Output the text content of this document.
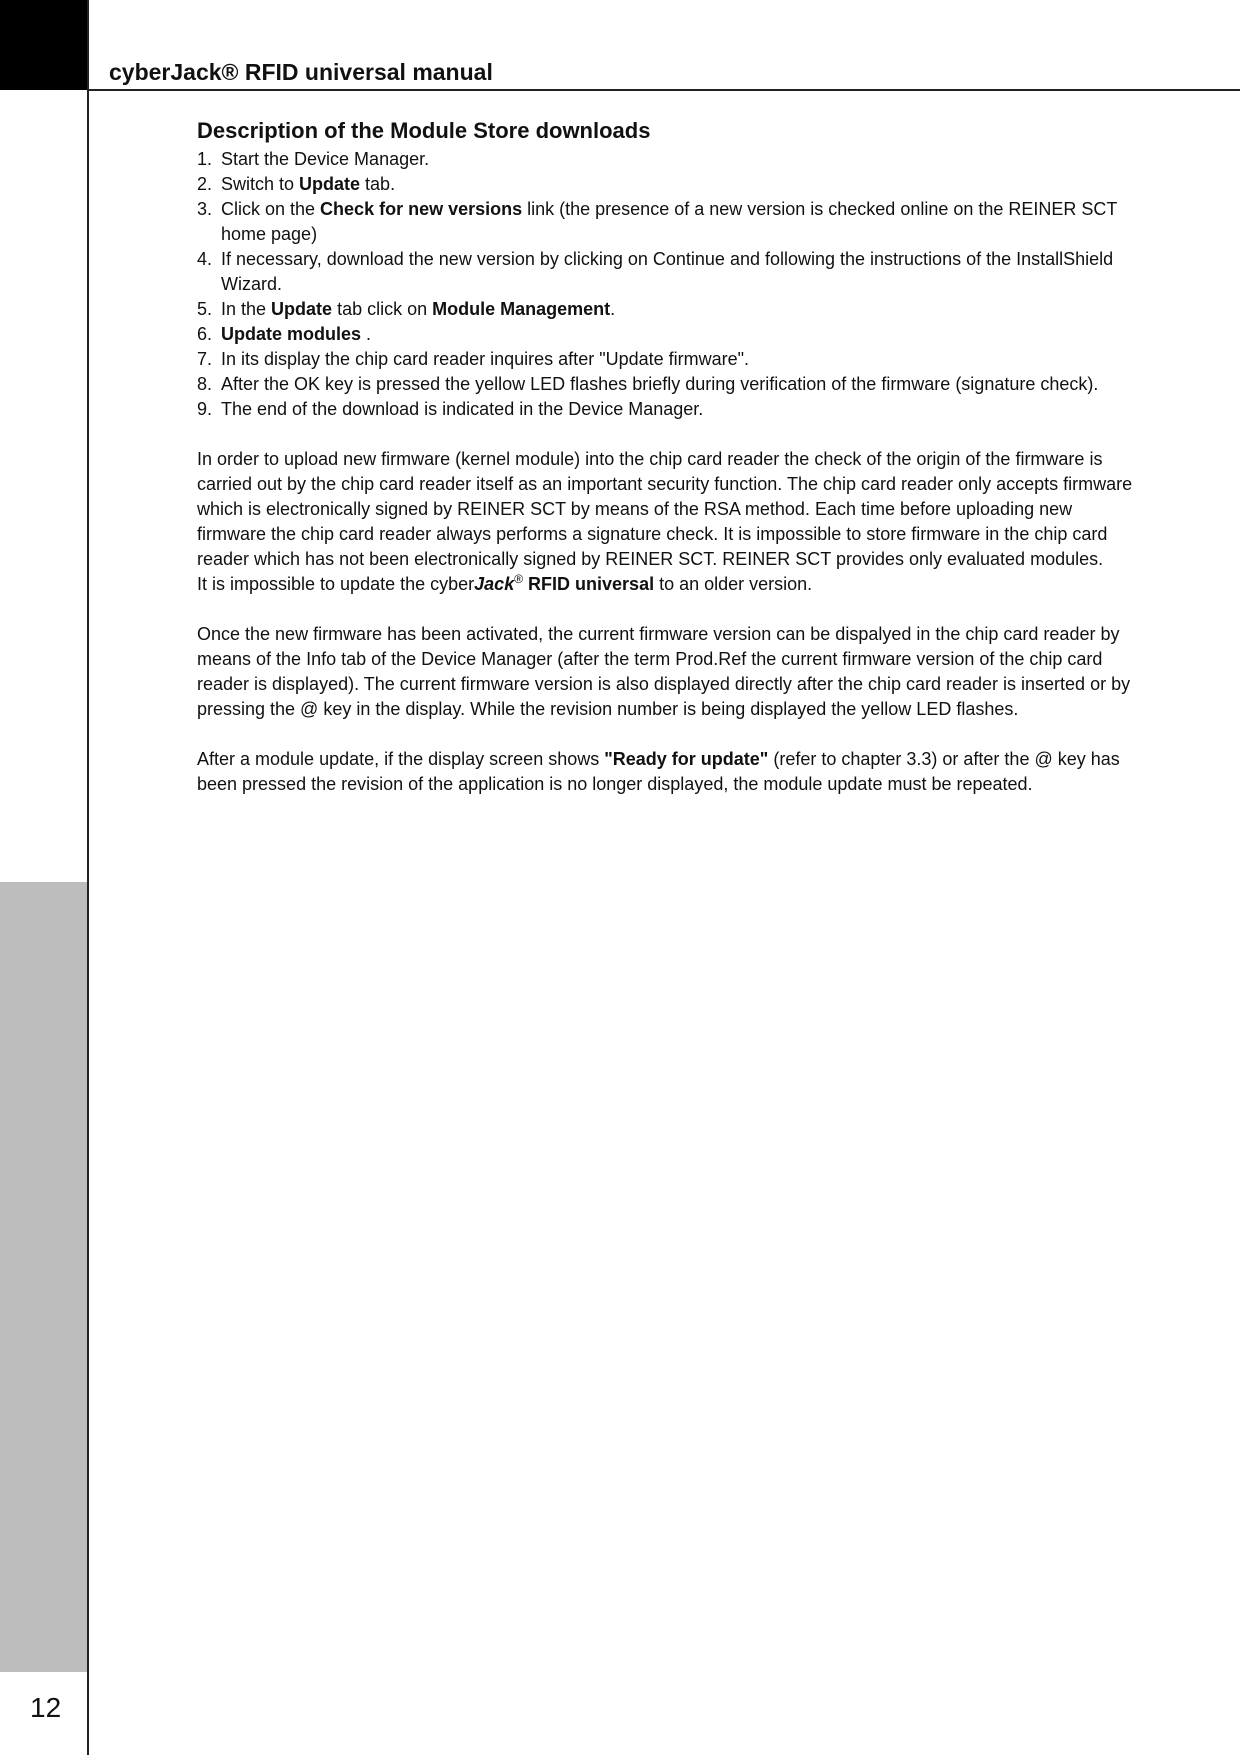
cyberJack® RFID universal manual
12
Description of the Module Store downloads
1. Start the Device Manager.
2. Switch to Update tab.
3. Click on the Check for new versions link (the presence of a new version is checked online on the REINER SCT home page)
4. If necessary, download the new version by clicking on Continue and following the instructions of the InstallShield Wizard.
5. In the Update tab click on Module Management.
6. Update modules .
7. In its display the chip card reader inquires after "Update firmware".
8. After the OK key is pressed the yellow LED flashes briefly during verification of the firmware (signature check).
9. The end of the download is indicated in the Device Manager.

In order to upload new firmware (kernel module) into the chip card reader the check of the origin of the firmware is carried out by the chip card reader itself as an important security function. The chip card reader only accepts firmware which is electronically signed by REINER SCT by means of the RSA method. Each time before uploading new firmware the chip card reader always performs a signature check. It is impossible to store firmware in the chip card reader which has not been electronically signed by REINER SCT. REINER SCT provides only evaluated modules.

It is impossible to update the cyberJack® RFID universal to an older version.

Once the new firmware has been activated, the current firmware version can be dispalyed in the chip card reader by means of the Info tab of the Device Manager (after the term Prod.Ref the current firmware version of the chip card reader is displayed). The current firmware version is also displayed directly after the chip card reader is inserted or by pressing the @ key in the display. While the revision number is being displayed the yellow LED flashes.

After a module update, if the display screen shows "Ready for update" (refer to chapter 3.3) or after the @ key has been pressed the revision of the application is no longer displayed, the module update must be repeated.
